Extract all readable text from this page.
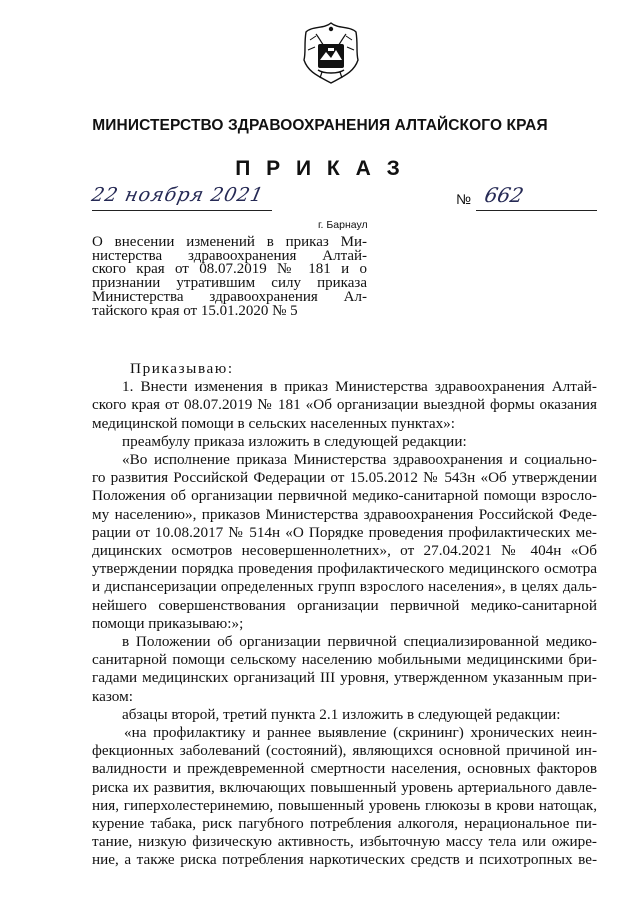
МИНИСТЕРСТВО ЗДРАВООХРАНЕНИЯ АЛТАЙСКОГО КРАЯ
П Р И К А З
22 ноября 2021
г. Барнаул
№ 662
О внесении изменений в приказ Ми-
нистерства здравоохранения Алтай-
ского края от 08.07.2019 № 181 и о
признании утратившим силу приказа
Министерства здравоохранения Ал-
тайского края от 15.01.2020 № 5
Приказываю:
1. Внести изменения в приказ Министерства здравоохранения Алтай-
ского края от 08.07.2019 № 181 «Об организации выездной формы оказания
медицинской помощи в сельских населенных пунктах»:
преамбулу приказа изложить в следующей редакции:
«Во исполнение приказа Министерства здравоохранения и социально-
го развития Российской Федерации от 15.05.2012 № 543н «Об утверждении
Положения об организации первичной медико-санитарной помощи взросло-
му населению», приказов Министерства здравоохранения Российской Феде-
рации от 10.08.2017 № 514н «О Порядке проведения профилактических ме-
дицинских осмотров несовершеннолетних», от 27.04.2021 № 404н «Об
утверждении порядка проведения профилактического медицинского осмотра
и диспансеризации определенных групп взрослого населения», в целях даль-
нейшего совершенствования организации первичной медико-санитарной
помощи приказываю:»;
в Положении об организации первичной специализированной медико-
санитарной помощи сельскому населению мобильными медицинскими бри-
гадами медицинских организаций III уровня, утвержденном указанным при-
казом:
абзацы второй, третий пункта 2.1 изложить в следующей редакции:
«на профилактику и раннее выявление (скрининг) хронических неин-
фекционных заболеваний (состояний), являющихся основной причиной ин-
валидности и преждевременной смертности населения, основных факторов
риска их развития, включающих повышенный уровень артериального давле-
ния, гиперхолестеринемию, повышенный уровень глюкозы в крови натощак,
курение табака, риск пагубного потребления алкоголя, нерациональное пи-
тание, низкую физическую активность, избыточную массу тела или ожире-
ние, а также риска потребления наркотических средств и психотропных ве-
